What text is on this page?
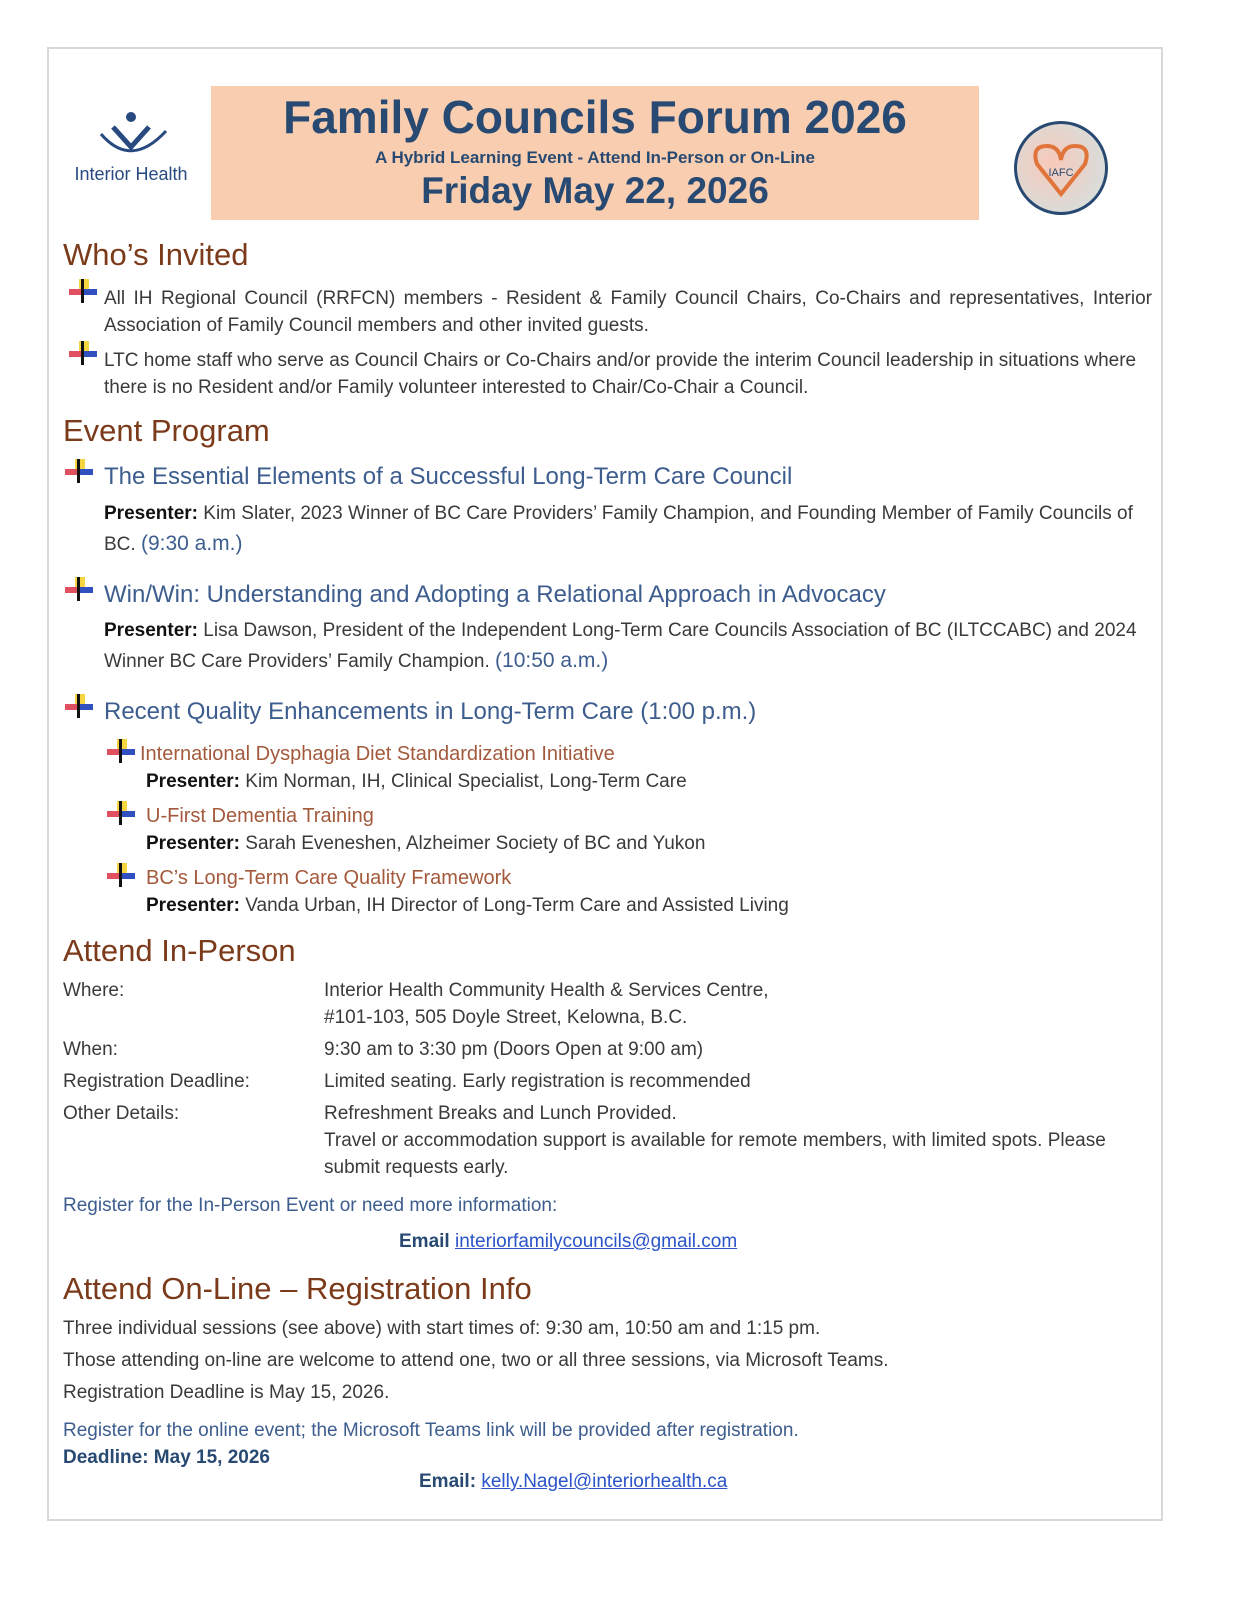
Interior Health
Family Councils Forum 2026
A Hybrid Learning Event - Attend In-Person or On-Line
Friday May 22, 2026	IAFC
Who’s Invited
All IH Regional Council (RRFCN) members - Resident & Family Council Chairs, Co-Chairs and representatives, Interior Association of Family Council members and other invited guests.
LTC home staff who serve as Council Chairs or Co-Chairs and/or provide the interim Council leadership in situations where there is no Resident and/or Family volunteer interested to Chair/Co-Chair a Council.
Event Program
The Essential Elements of a Successful Long-Term Care Council
Presenter: Kim Slater, 2023 Winner of BC Care Providers’ Family Champion, and Founding Member of Family Councils of BC. (9:30 a.m.)
Win/Win: Understanding and Adopting a Relational Approach in Advocacy
Presenter: Lisa Dawson, President of the Independent Long-Term Care Councils Association of BC (ILTCCABC) and 2024 Winner BC Care Providers’ Family Champion. (10:50 a.m.)
Recent Quality Enhancements in Long-Term Care (1:00 p.m.)
International Dysphagia Diet Standardization Initiative
Presenter: Kim Norman, IH, Clinical Specialist, Long-Term Care
U-First Dementia Training
Presenter: Sarah Eveneshen, Alzheimer Society of BC and Yukon
BC’s Long-Term Care Quality Framework
Presenter: Vanda Urban, IH Director of Long-Term Care and Assisted Living
Attend In-Person
Where:	Interior Health Community Health & Services Centre,
#101-103, 505 Doyle Street, Kelowna, B.C.
When:	9:30 am to 3:30 pm (Doors Open at 9:00 am)
Registration Deadline:	Limited seating. Early registration is recommended
Other Details:	Refreshment Breaks and Lunch Provided.
Travel or accommodation support is available for remote members, with limited spots. Please submit requests early.
Register for the In-Person Event or need more information:
Email interiorfamilycouncils@gmail.com
Attend On-Line – Registration Info
Three individual sessions (see above) with start times of: 9:30 am, 10:50 am and 1:15 pm.
Those attending on-line are welcome to attend one, two or all three sessions, via Microsoft Teams.
Registration Deadline is May 15, 2026.
Register for the online event; the Microsoft Teams link will be provided after registration.
Deadline: May 15, 2026
Email: kelly.Nagel@interiorhealth.ca
